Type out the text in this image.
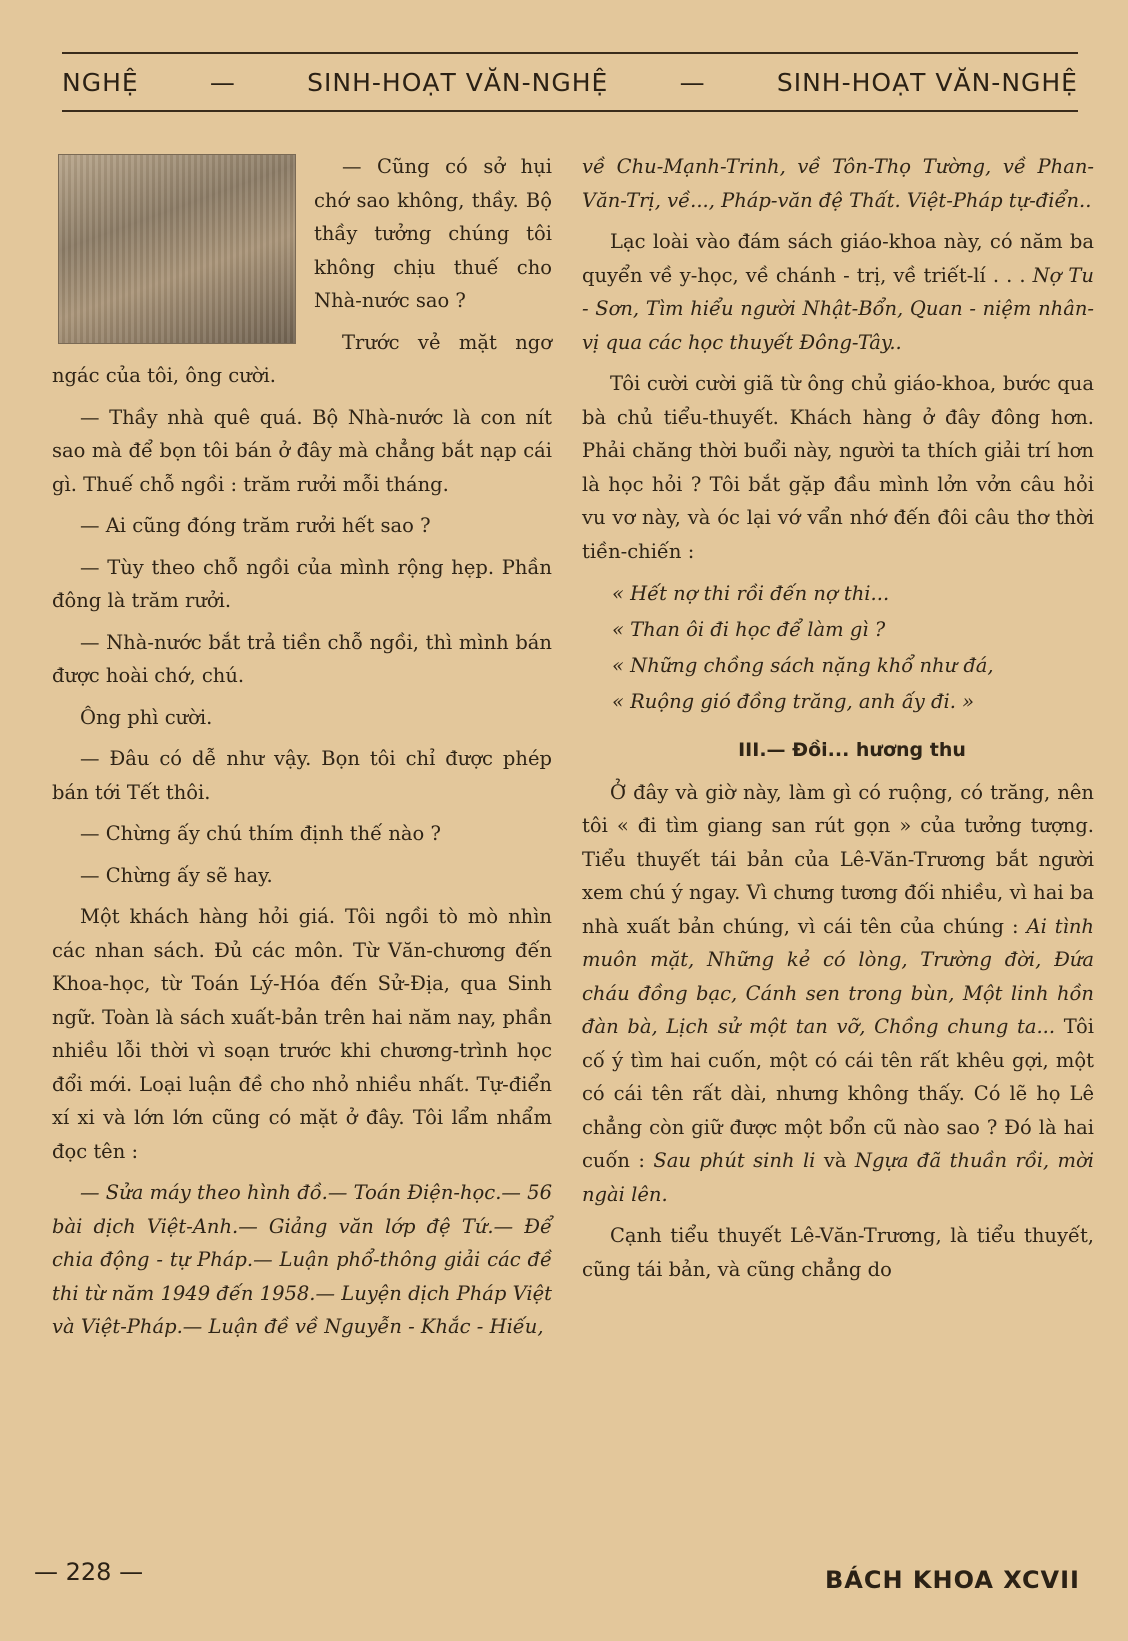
NGHỆ	—	SINH-HOẠT VĂN-NGHỆ	—	SINH-HOẠT VĂN-NGHỆ

— Cũng có sở hụi chớ sao không, thầy. Bộ thầy tưởng chúng tôi không chịu thuế cho Nhà-nước sao ?

Trước vẻ mặt ngơ ngác của tôi, ông cười.

— Thầy nhà quê quá. Bộ Nhà-nước là con nít sao mà để bọn tôi bán ở đây mà chẳng bắt nạp cái gì. Thuế chỗ ngồi : trăm rưởi mỗi tháng.

— Ai cũng đóng trăm rưởi hết sao ?

— Tùy theo chỗ ngồi của mình rộng hẹp. Phần đông là trăm rưởi.

— Nhà-nước bắt trả tiền chỗ ngồi, thì mình bán được hoài chớ, chú.

Ông phì cười.

— Đâu có dễ như vậy. Bọn tôi chỉ được phép bán tới Tết thôi.

— Chừng ấy chú thím định thế nào ?

— Chừng ấy sẽ hay.

Một khách hàng hỏi giá. Tôi ngồi tò mò nhìn các nhan sách. Đủ các môn. Từ Văn-chương đến Khoa-học, từ Toán Lý-Hóa đến Sử-Địa, qua Sinh ngữ. Toàn là sách xuất-bản trên hai năm nay, phần nhiều lỗi thời vì soạn trước khi chương-trình học đổi mới. Loại luận đề cho nhỏ nhiều nhất. Tự-điển xí xi và lớn lớn cũng có mặt ở đây. Tôi lẩm nhẩm đọc tên :

— Sửa máy theo hình đồ.— Toán Điện-học.— 56 bài dịch Việt-Anh.— Giảng văn lớp đệ Tứ.— Để chia động - tự Pháp.— Luận phổ-thông giải các đề thi từ năm 1949 đến 1958.— Luyện dịch Pháp Việt và Việt-Pháp.— Luận đề về Nguyễn - Khắc - Hiếu,

về Chu-Mạnh-Trinh, về Tôn-Thọ Tường, về Phan-Văn-Trị, về..., Pháp-văn đệ Thất. Việt-Pháp tự-điển..

Lạc loài vào đám sách giáo-khoa này, có năm ba quyển về y-học, về chánh - trị, về triết-lí . . . Nợ Tu - Sơn, Tìm hiểu người Nhật-Bổn, Quan - niệm nhân-vị qua các học thuyết Đông-Tây..

Tôi cười cười giã từ ông chủ giáo-khoa, bước qua bà chủ tiểu-thuyết. Khách hàng ở đây đông hơn. Phải chăng thời buổi này, người ta thích giải trí hơn là học hỏi ? Tôi bắt gặp đầu mình lởn vởn câu hỏi vu vơ này, và óc lại vớ vẩn nhớ đến đôi câu thơ thời tiền-chiến :

« Hết nợ thi rồi đến nợ thi...
« Than ôi đi học để làm gì ?
« Những chồng sách nặng khổ như đá,
« Ruộng gió đồng trăng, anh ấy đi. »

III.— Đồi... hương thu

Ở đây và giờ này, làm gì có ruộng, có trăng, nên tôi « đi tìm giang san rút gọn » của tưởng tượng. Tiểu thuyết tái bản của Lê-Văn-Trương bắt người xem chú ý ngay. Vì chưng tương đối nhiều, vì hai ba nhà xuất bản chúng, vì cái tên của chúng : Ai tình muôn mặt, Những kẻ có lòng, Trường đời, Đứa cháu đồng bạc, Cánh sen trong bùn, Một linh hồn đàn bà, Lịch sử một tan vỡ, Chồng chung ta... Tôi cố ý tìm hai cuốn, một có cái tên rất khêu gợi, một có cái tên rất dài, nhưng không thấy. Có lẽ họ Lê chẳng còn giữ được một bổn cũ nào sao ? Đó là hai cuốn : Sau phút sinh li và Ngựa đã thuần rồi, mời ngài lên.

Cạnh tiểu thuyết Lê-Văn-Trương, là tiểu thuyết, cũng tái bản, và cũng chẳng do

— 228 —	BÁCH KHOA XCVII
